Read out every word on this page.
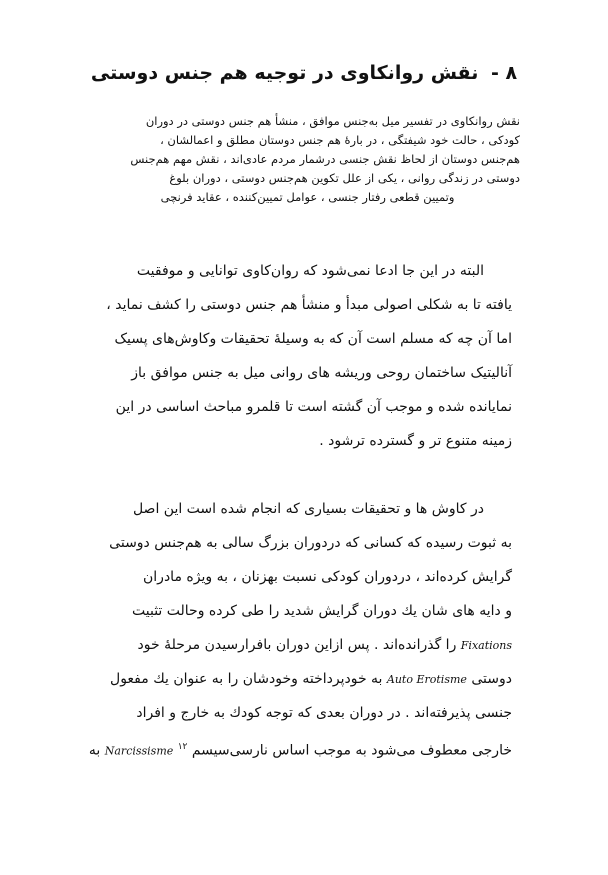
۸ - نقش روانکاوی در توجیه هم جنس دوستی
نقش روانکاوی در تفسیر میل به‌جنس موافق ، منشأ هم جنس دوستی در دوران
کودکی ، حالت خود شیفتگی ، در بارهٔ هم جنس دوستان مطلق و اعمالشان ،
هم‌جنس دوستان از لحاظ نقش جنسی درشمار مردم عادی‌اند ، نقش مهم هم‌جنس
دوستی در زندگی روانی ، یکی از علل تکوین هم‌جنس دوستی ، دوران بلوغ
وتمیین قطعی رفتار جنسی ، عوامل تمیین‌کننده ، عقاید فرنچی
البته در این جا ادعا نمی‌شود که روان‌کاوی توانایی و موفقیت
یافته تا به شکلی اصولی مبدأ و منشأ هم جنس دوستی را کشف نماید ،
اما آن چه که مسلم است آن که به وسیلهٔ تحقیقات وکاوش‌های پسیک
آنالیتیک ساختمان روحی وریشه های روانی میل به جنس موافق باز
نمایانده شده و موجب آن گشته است تا قلمرو مباحث اساسی در این
زمینه متنوع تر و گسترده ترشود .
در کاوش ها و تحقیقات بسیاری که انجام شده است این اصل
به ثبوت رسیده که کسانی که دردوران بزرگ سالی به هم‌جنس دوستی
گرایش کرده‌اند ، دردوران کودکی نسبت بهزنان ، به ویژه مادران
و دایه های شان یك دوران گرایش شدید را طی کرده وحالت تثبیت
Fixations را گذرانده‌اند . پس ازاین دوران بافرارسیدن مرحلهٔ خود
دوستی Auto Erotisme به خودپرداخته وخودشان را به عنوان یك مفعول
جنسی پذیرفته‌اند . در دوران بعدی که توجه کودك به خارج و افراد
خارجی معطوف می‌شود به موجب اساس نارسی‌سیسم $^{۱۲}$ Narcissisme به
